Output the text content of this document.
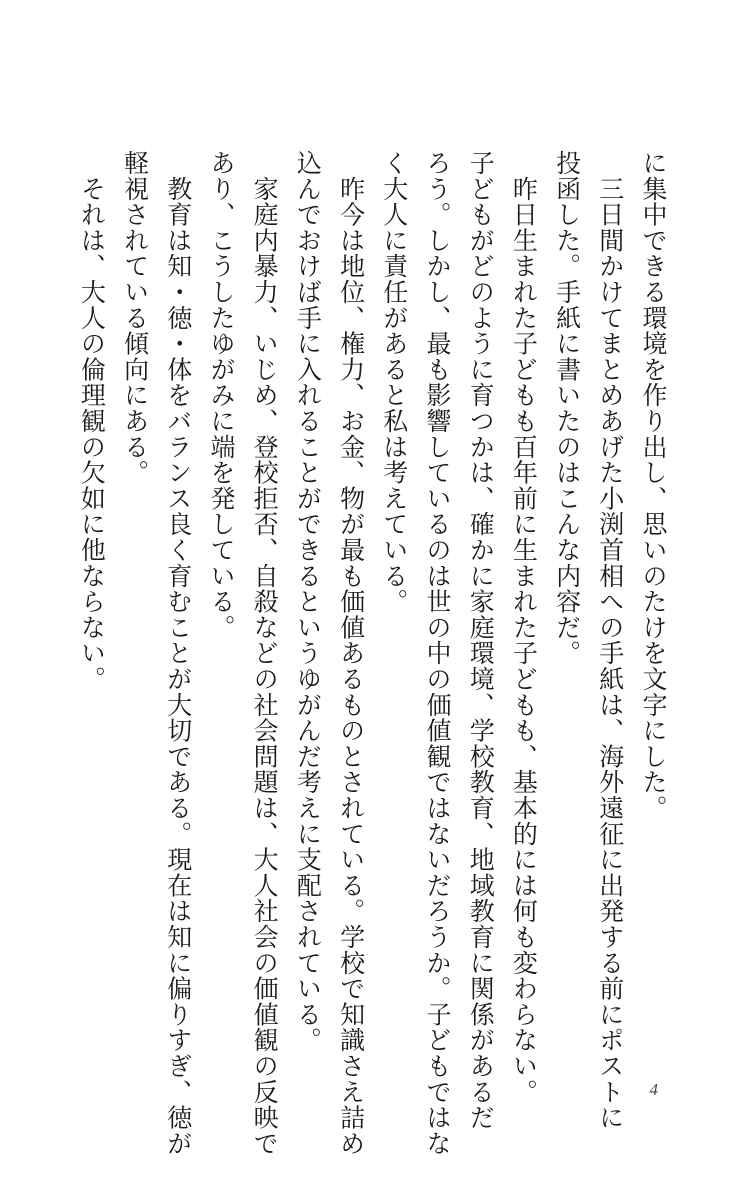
に集中できる環境を作り出し、思いのたけを文字にした。
　三日間かけてまとめあげた小渕首相への手紙は、海外遠征に出発する前にポストに
投函した。手紙に書いたのはこんな内容だ。
　昨日生まれた子どもも百年前に生まれた子どもも、基本的には何も変わらない。
子どもがどのように育つかは、確かに家庭環境、学校教育、地域教育に関係があるだ
ろう。しかし、最も影響しているのは世の中の価値観ではないだろうか。子どもではな
く大人に責任があると私は考えている。
　昨今は地位、権力、お金、物が最も価値あるものとされている。学校で知識さえ詰め
込んでおけば手に入れることができるというゆがんだ考えに支配されている。
　家庭内暴力、いじめ、登校拒否、自殺などの社会問題は、大人社会の価値観の反映で
あり、こうしたゆがみに端を発している。
　教育は知・徳・体をバランス良く育むことが大切である。現在は知に偏りすぎ、徳が
軽視されている傾向にある。
　それは、大人の倫理観の欠如に他ならない。
4
